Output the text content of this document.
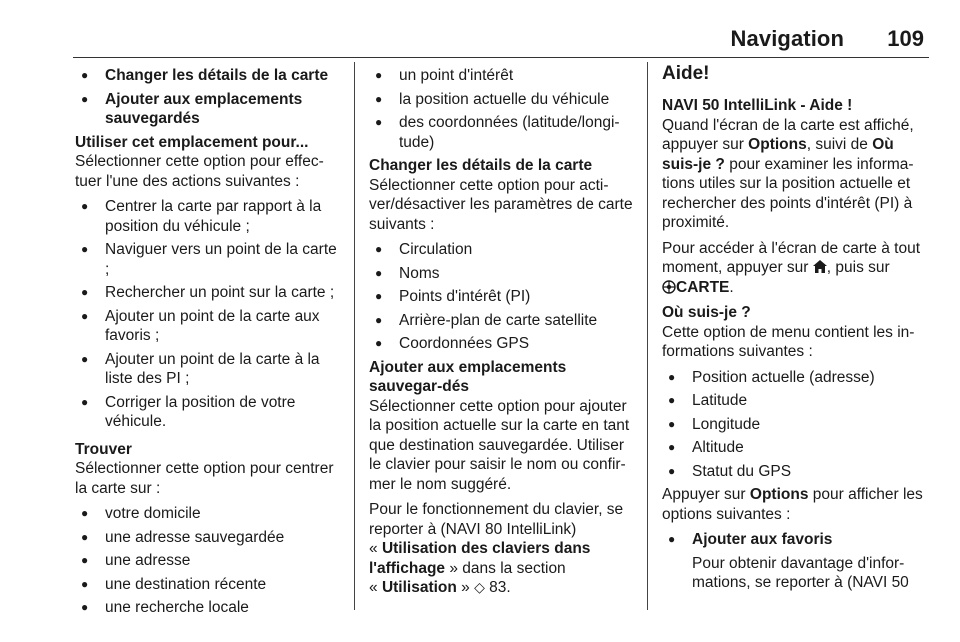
Navigation 109
● Changer les détails de la carte
● Ajouter aux emplacements sauvegardés
Utiliser cet emplacement pour...

Sélectionner cette option pour effec-tuer l'une des actions suivantes :

● Centrer la carte par rapport à la position du véhicule ;
● Naviguer vers un point de la carte ;
● Rechercher un point sur la carte ;
● Ajouter un point de la carte aux favoris ;
● Ajouter un point de la carte à la liste des PI ;
● Corriger la position de votre véhicule.
Trouver

Sélectionner cette option pour centrer la carte sur :

● votre domicile
● une adresse sauvegardée
● une adresse
● une destination récente
● une recherche locale
● un point d'intérêt
● la position actuelle du véhicule
● des coordonnées (latitude/longi-tude)
Changer les détails de la carte

Sélectionner cette option pour acti-ver/désactiver les paramètres de carte suivants :

● Circulation
● Noms
● Points d'intérêt (PI)
● Arrière-plan de carte satellite
● Coordonnées GPS
Ajouter aux emplacements sauvegar-dés

Sélectionner cette option pour ajouter la position actuelle sur la carte en tant que destination sauvegardée. Utiliser le clavier pour saisir le nom ou confir-mer le nom suggéré.

Pour le fonctionnement du clavier, se reporter à (NAVI 80 IntelliLink)
« Utilisation des claviers dans l'affichage » dans la section
« Utilisation » ◇ 83.

Aide!
NAVI 50 IntelliLink - Aide !

Quand l'écran de la carte est affiché, appuyer sur Options, suivi de Où suis-je ? pour examiner les informa-tions utiles sur la position actuelle et rechercher des points d'intérêt (PI) à proximité.

Pour accéder à l'écran de carte à tout moment, appuyer sur , puis sur
CARTE.

Où suis-je ?

Cette option de menu contient les in-formations suivantes :

● Position actuelle (adresse)
● Latitude
● Longitude
● Altitude
● Statut du GPS

Appuyer sur Options pour afficher les options suivantes :

● Ajouter aux favoris
Pour obtenir davantage d'infor-mations, se reporter à (NAVI 50
